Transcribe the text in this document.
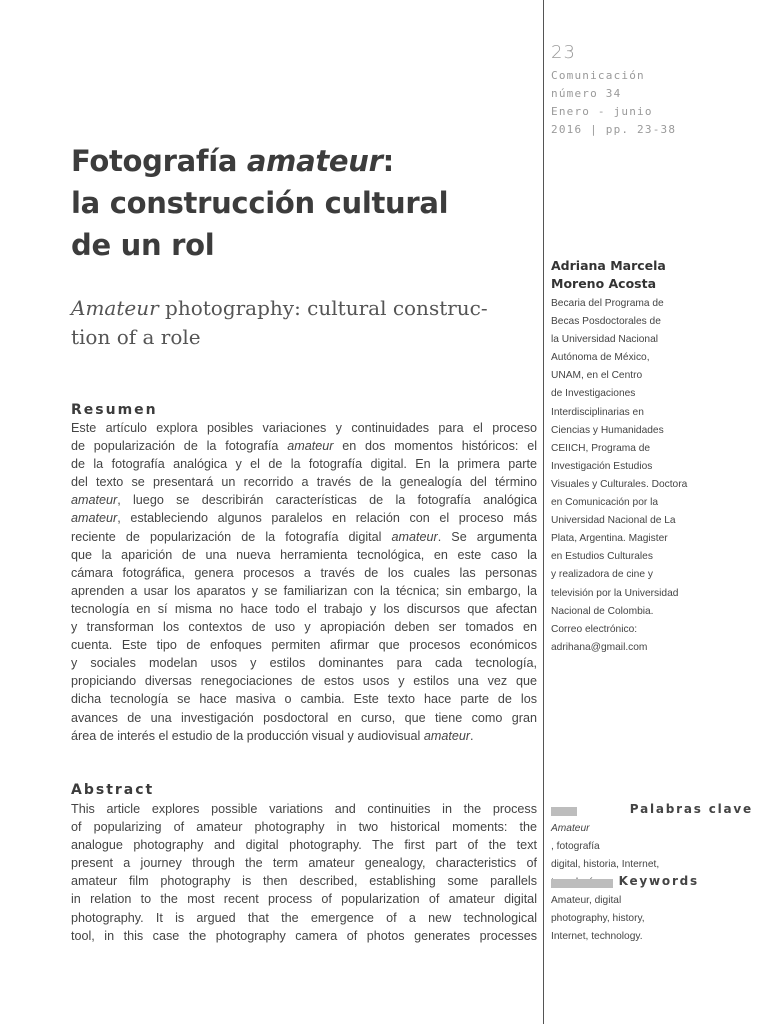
23
Comunicación
número 34
Enero - junio
2016 | pp. 23-38
Fotografía amateur:
la construcción cultural
de un rol
Amateur photography: cultural construc-
tion of a role
Resumen
Este artículo explora posibles variaciones y continuidades para el proceso
de popularización de la fotografía amateur en dos momentos históricos: el
de la fotografía analógica y el de la fotografía digital. En la primera parte
del texto se presentará un recorrido a través de la genealogía del término
amateur, luego se describirán características de la fotografía analógica
amateur, estableciendo algunos paralelos en relación con el proceso más
reciente de popularización de la fotografía digital amateur. Se argumenta
que la aparición de una nueva herramienta tecnológica, en este caso la
cámara fotográfica, genera procesos a través de los cuales las personas
aprenden a usar los aparatos y se familiarizan con la técnica; sin embargo, la
tecnología en sí misma no hace todo el trabajo y los discursos que afectan
y transforman los contextos de uso y apropiación deben ser tomados en
cuenta. Este tipo de enfoques permiten afirmar que procesos económicos
y sociales modelan usos y estilos dominantes para cada tecnología,
propiciando diversas renegociaciones de estos usos y estilos una vez que
dicha tecnología se hace masiva o cambia. Este texto hace parte de los
avances de una investigación posdoctoral en curso, que tiene como gran
área de interés el estudio de la producción visual y audiovisual amateur.
Abstract
This article explores possible variations and continuities in the process
of popularizing of amateur photography in two historical moments: the
analogue photography and digital photography. The first part of the text
present a journey through the term amateur genealogy, characteristics of
amateur film photography is then described, establishing some parallels
in relation to the most recent process of popularization of amateur digital
photography. It is argued that the emergence of a new technological
tool, in this case the photography camera of photos generates processes
Adriana Marcela
Moreno Acosta
Becaria del Programa de
Becas Posdoctorales de
la Universidad Nacional
Autónoma de México,
UNAM, en el Centro
de Investigaciones
Interdisciplinarias en
Ciencias y Humanidades
CEIICH, Programa de
Investigación Estudios
Visuales y Culturales. Doctora
en Comunicación por la
Universidad Nacional de La
Plata, Argentina. Magister
en Estudios Culturales
y realizadora de cine y
televisión por la Universidad
Nacional de Colombia.
Correo electrónico:
adrihana@gmail.com
Palabras clave
Amateur
, fotografía
digital, historia, Internet,
Keywords
Amateur, digital
photography, history,
Internet, technology.
